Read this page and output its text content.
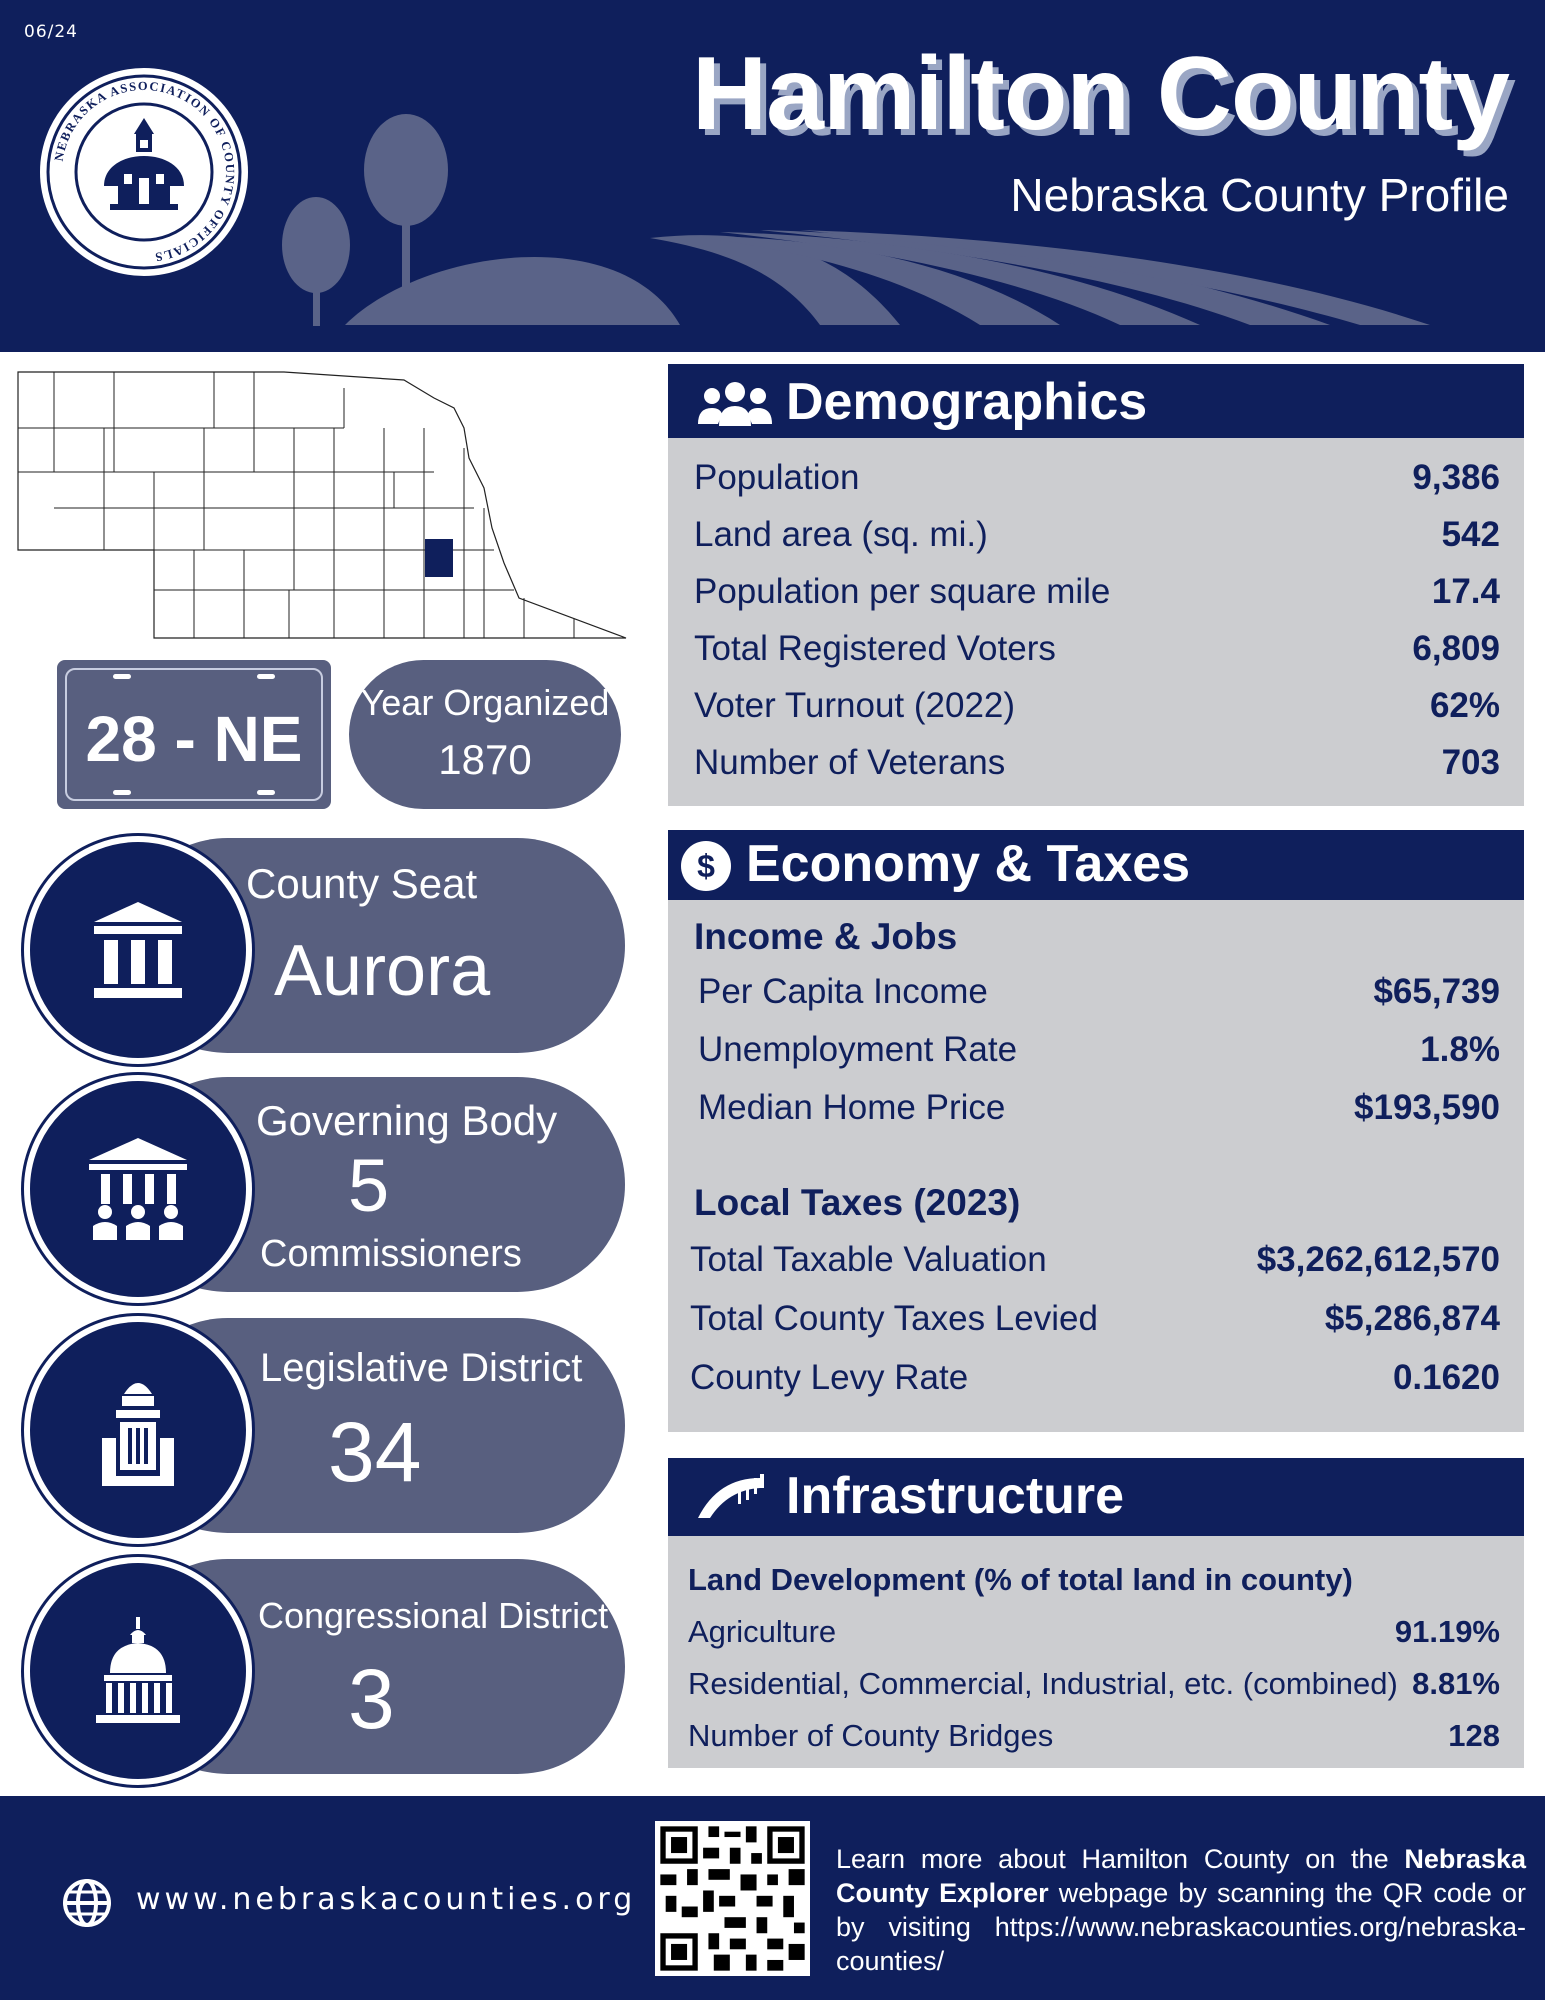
06/24
NEBRASKA ASSOCIATION OF COUNTY OFFICIALS
Hamilton County
Nebraska County Profile
28 - NE
Year Organized
1870
County Seat
Aurora
Governing Body
5
Commissioners
Legislative District
34
Congressional District
3
Demographics
Population	9,386
Land area (sq. mi.)	542
Population per square mile	17.4
Total Registered Voters	6,809
Voter Turnout (2022)	62%
Number of Veterans	703
$ Economy & Taxes
Income & Jobs
Per Capita Income	$65,739
Unemployment Rate	1.8%
Median Home Price	$193,590
Local Taxes (2023)
Total Taxable Valuation	$3,262,612,570
Total County Taxes Levied	$5,286,874
County Levy Rate	0.1620
Infrastructure
Land Development (% of total land in county)
Agriculture	91.19%
Residential, Commercial, Industrial, etc. (combined) 8.81%
Number of County Bridges	128
www.nebraskacounties.org
Learn more about Hamilton County on the Nebraska County Explorer webpage by scanning the QR code or by visiting https://www.nebraskacounties.org/nebraska-counties/
